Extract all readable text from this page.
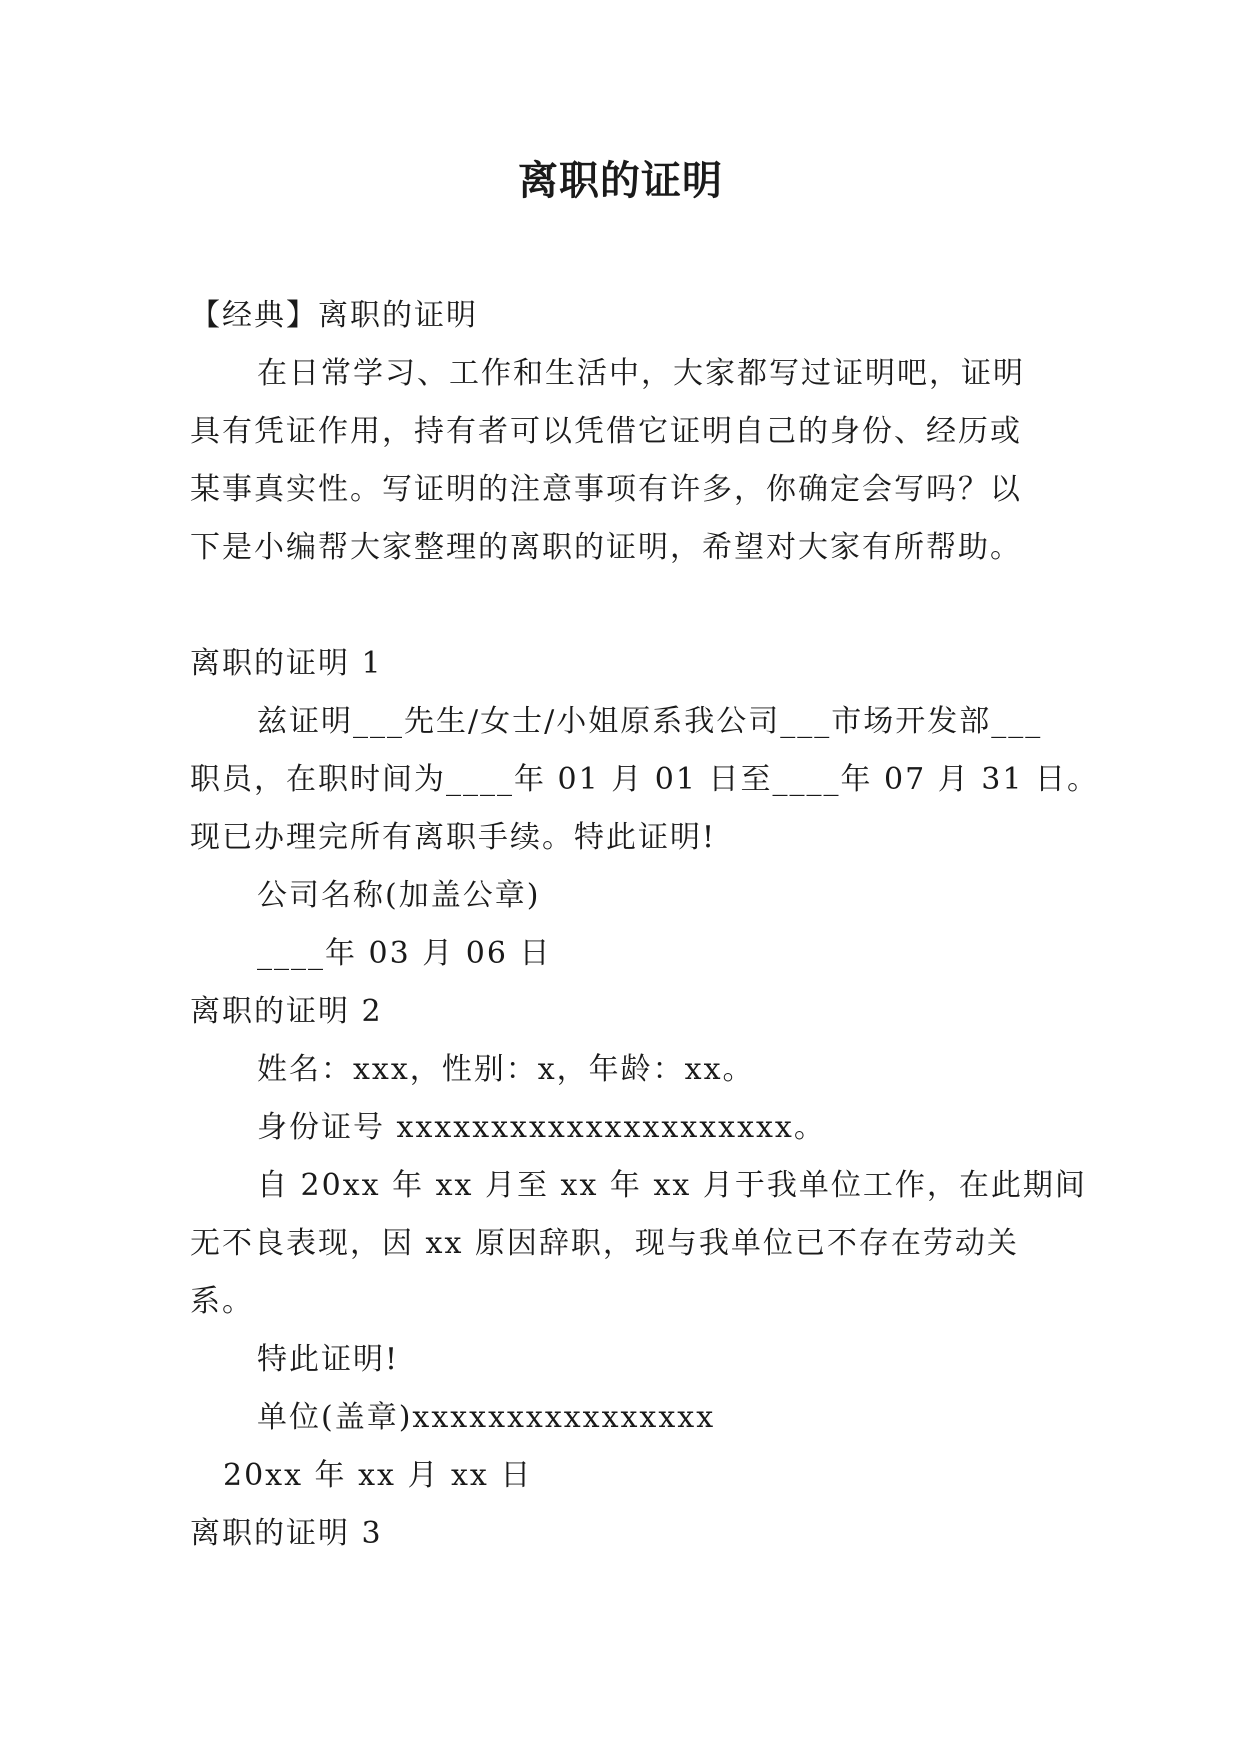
离职的证明

【经典】离职的证明

在日常学习、工作和生活中，大家都写过证明吧，证明

具有凭证作用，持有者可以凭借它证明自己的身份、经历或

某事真实性。写证明的注意事项有许多，你确定会写吗？以

下是小编帮大家整理的离职的证明，希望对大家有所帮助。

离职的证明 1

兹证明___先生/女士/小姐原系我公司___市场开发部___

职员，在职时间为____年 01 月 01 日至____年 07 月 31 日。

现已办理完所有离职手续。特此证明!

公司名称(加盖公章)

____年 03 月 06 日

离职的证明 2

姓名：xxx，性别：x，年龄：xx。

身份证号 xxxxxxxxxxxxxxxxxxxxx。

自 20xx 年 xx 月至 xx 年 xx 月于我单位工作，在此期间

无不良表现，因 xx 原因辞职，现与我单位已不存在劳动关

系。

特此证明!

单位(盖章)xxxxxxxxxxxxxxxx

20xx 年 xx 月 xx 日

离职的证明 3
